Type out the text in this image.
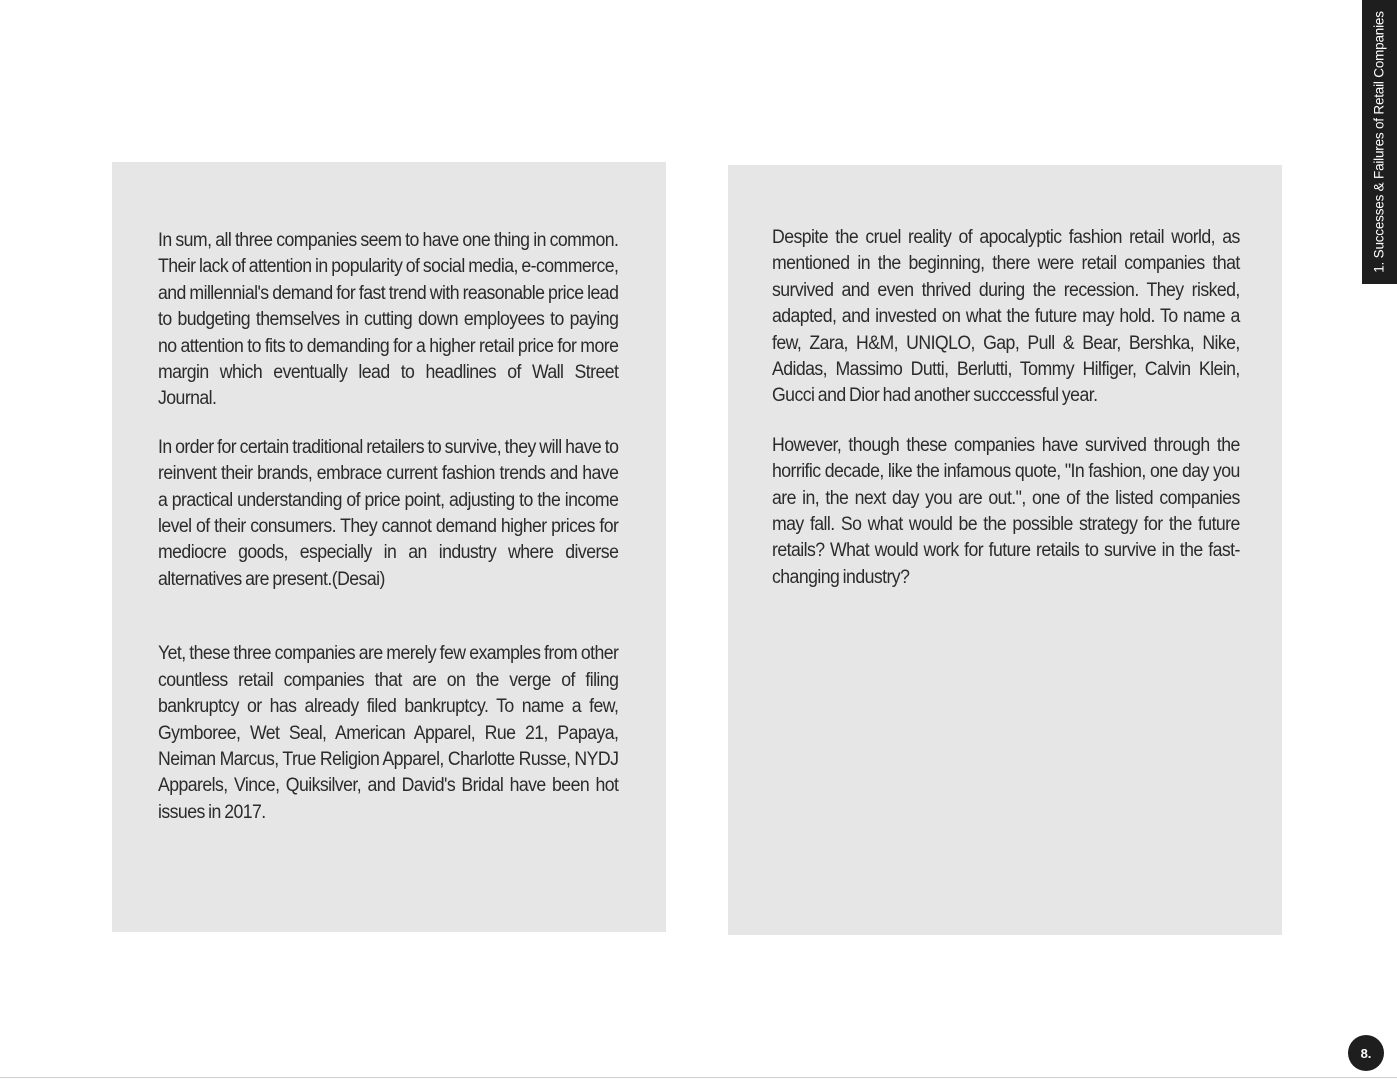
1. Successes & Failures of Retail Companies

In sum, all three companies seem to have one thing in common. Their lack of attention in popularity of social media, e-commerce, and millennial's demand for fast trend with reasonable price lead to budgeting themselves in cutting down employees to paying no attention to fits to demanding for a higher retail price for more margin which eventually lead to headlines of Wall Street Journal.

In order for certain traditional retailers to survive, they will have to reinvent their brands, embrace current fashion trends and have a practical understanding of price point, adjusting to the income level of their consumers. They cannot demand higher prices for mediocre goods, especially in an industry where diverse alternatives are present.(Desai)

Yet, these three companies are merely few examples from other countless retail companies that are on the verge of filing bankruptcy or has already filed bankruptcy. To name a few, Gymboree, Wet Seal, American Apparel, Rue 21, Papaya, Neiman Marcus, True Religion Apparel, Charlotte Russe, NYDJ Apparels, Vince, Quiksilver, and David's Bridal have been hot issues in 2017.

Despite the cruel reality of apocalyptic fashion retail world, as mentioned in the beginning, there were retail companies that survived and even thrived during the recession. They risked, adapted, and invested on what the future may hold. To name a few, Zara, H&M, UNIQLO, Gap, Pull & Bear, Bershka, Nike, Adidas, Massimo Dutti, Berlutti, Tommy Hilfiger, Calvin Klein, Gucci and Dior had another succcessful year.

However, though these companies have survived through the horrific decade, like the infamous quote, "In fashion, one day you are in, the next day you are out.", one of the listed companies may fall. So what would be the possible strategy for the future retails? What would work for future retails to survive in the fast-changing industry?

8.
